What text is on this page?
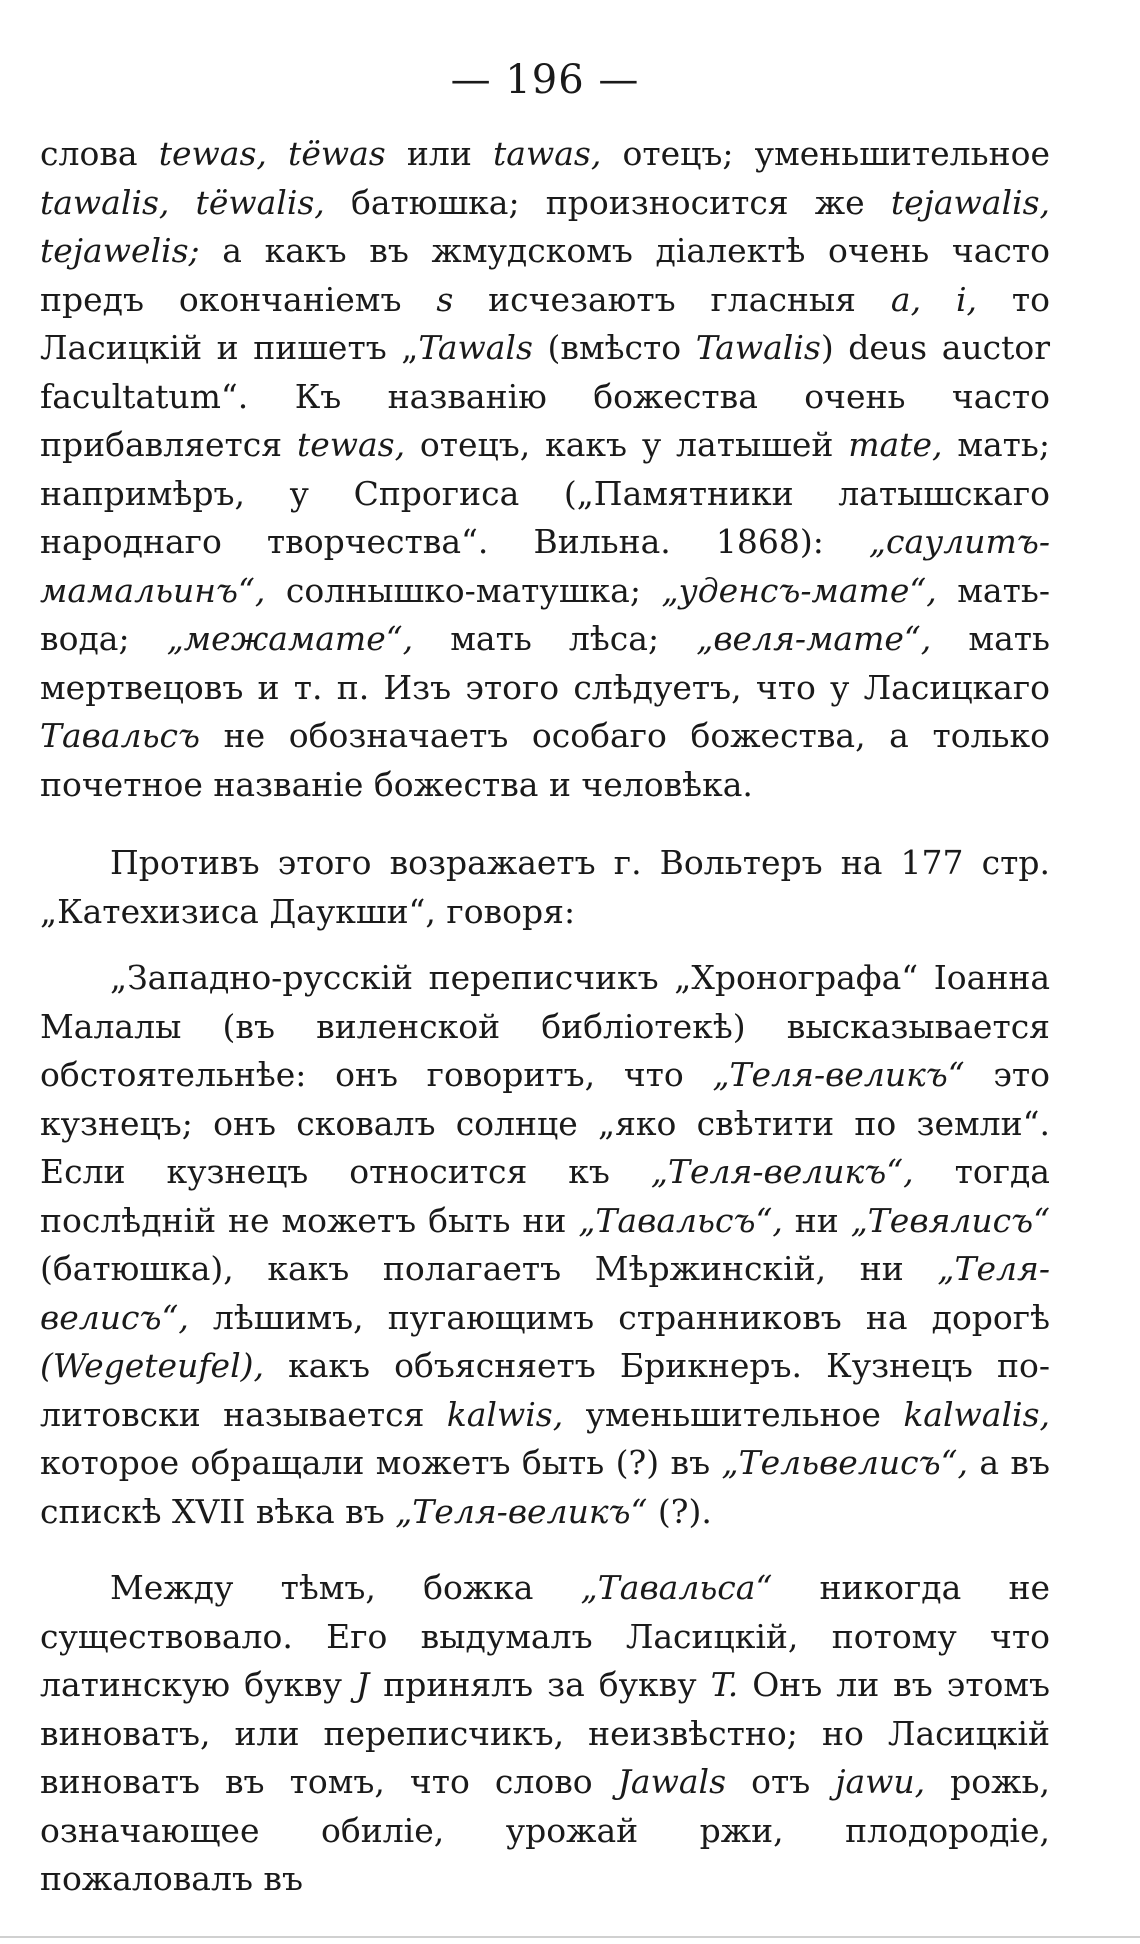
— 196 —

слова tewas, tëwas или tawas, отецъ; уменьшительное tawalis, tëwalis, батюшка; произносится же tejawalis, tejawelis; а какъ въ жмудскомъ діалектѣ очень часто предъ окончаніемъ s исчезаютъ гласныя a, i, то Ласицкій и пишетъ „Tawals (вмѣсто Tawalis) deus auctor facultatum“. Къ названію божества очень часто прибавляется tewas, отецъ, какъ у латышей mate, мать; напримѣръ, у Спрогиса („Памятники латышскаго народнаго творчества“. Вильна. 1868): „саулитъ-мамальинъ“, солнышко-матушка; „уденсъ-мате“, мать-вода; „межамате“, мать лѣса; „веля-мате“, мать мертвецовъ и т. п. Изъ этого слѣдуетъ, что у Ласицкаго Тавальсъ не обозначаетъ особаго божества, а только почетное названіе божества и человѣка.

Противъ этого возражаетъ г. Вольтеръ на 177 стр. „Катехизиса Даукши“, говоря:

„Западно-русскій переписчикъ „Хронографа“ Іоанна Малалы (въ виленской библіотекѣ) высказывается обстоятельнѣе: онъ говоритъ, что „Теля-великъ“ это кузнецъ; онъ сковалъ солнце „яко свѣтити по земли“. Если кузнецъ относится къ „Теля-великъ“, тогда послѣдній не можетъ быть ни „Тавальсъ“, ни „Тевялисъ“ (батюшка), какъ полагаетъ Мѣржинскій, ни „Теля-велисъ“, лѣшимъ, пугающимъ странниковъ на дорогѣ (Wegeteufel), какъ объясняетъ Брикнеръ. Кузнецъ по-литовски называется kalwis, уменьшительное kalwalis, которое обращали можетъ быть (?) въ „Тельвелисъ“, а въ спискѣ XVII вѣка въ „Теля-великъ“ (?).

Между тѣмъ, божка „Тавальса“ никогда не существовало. Его выдумалъ Ласицкій, потому что латинскую букву J принялъ за букву T. Онъ ли въ этомъ виноватъ, или переписчикъ, неизвѣстно; но Ласицкій виноватъ въ томъ, что слово Jawals отъ jawu, рожь, означающее обиліе, урожай ржи, плодородіе, пожаловалъ въ
